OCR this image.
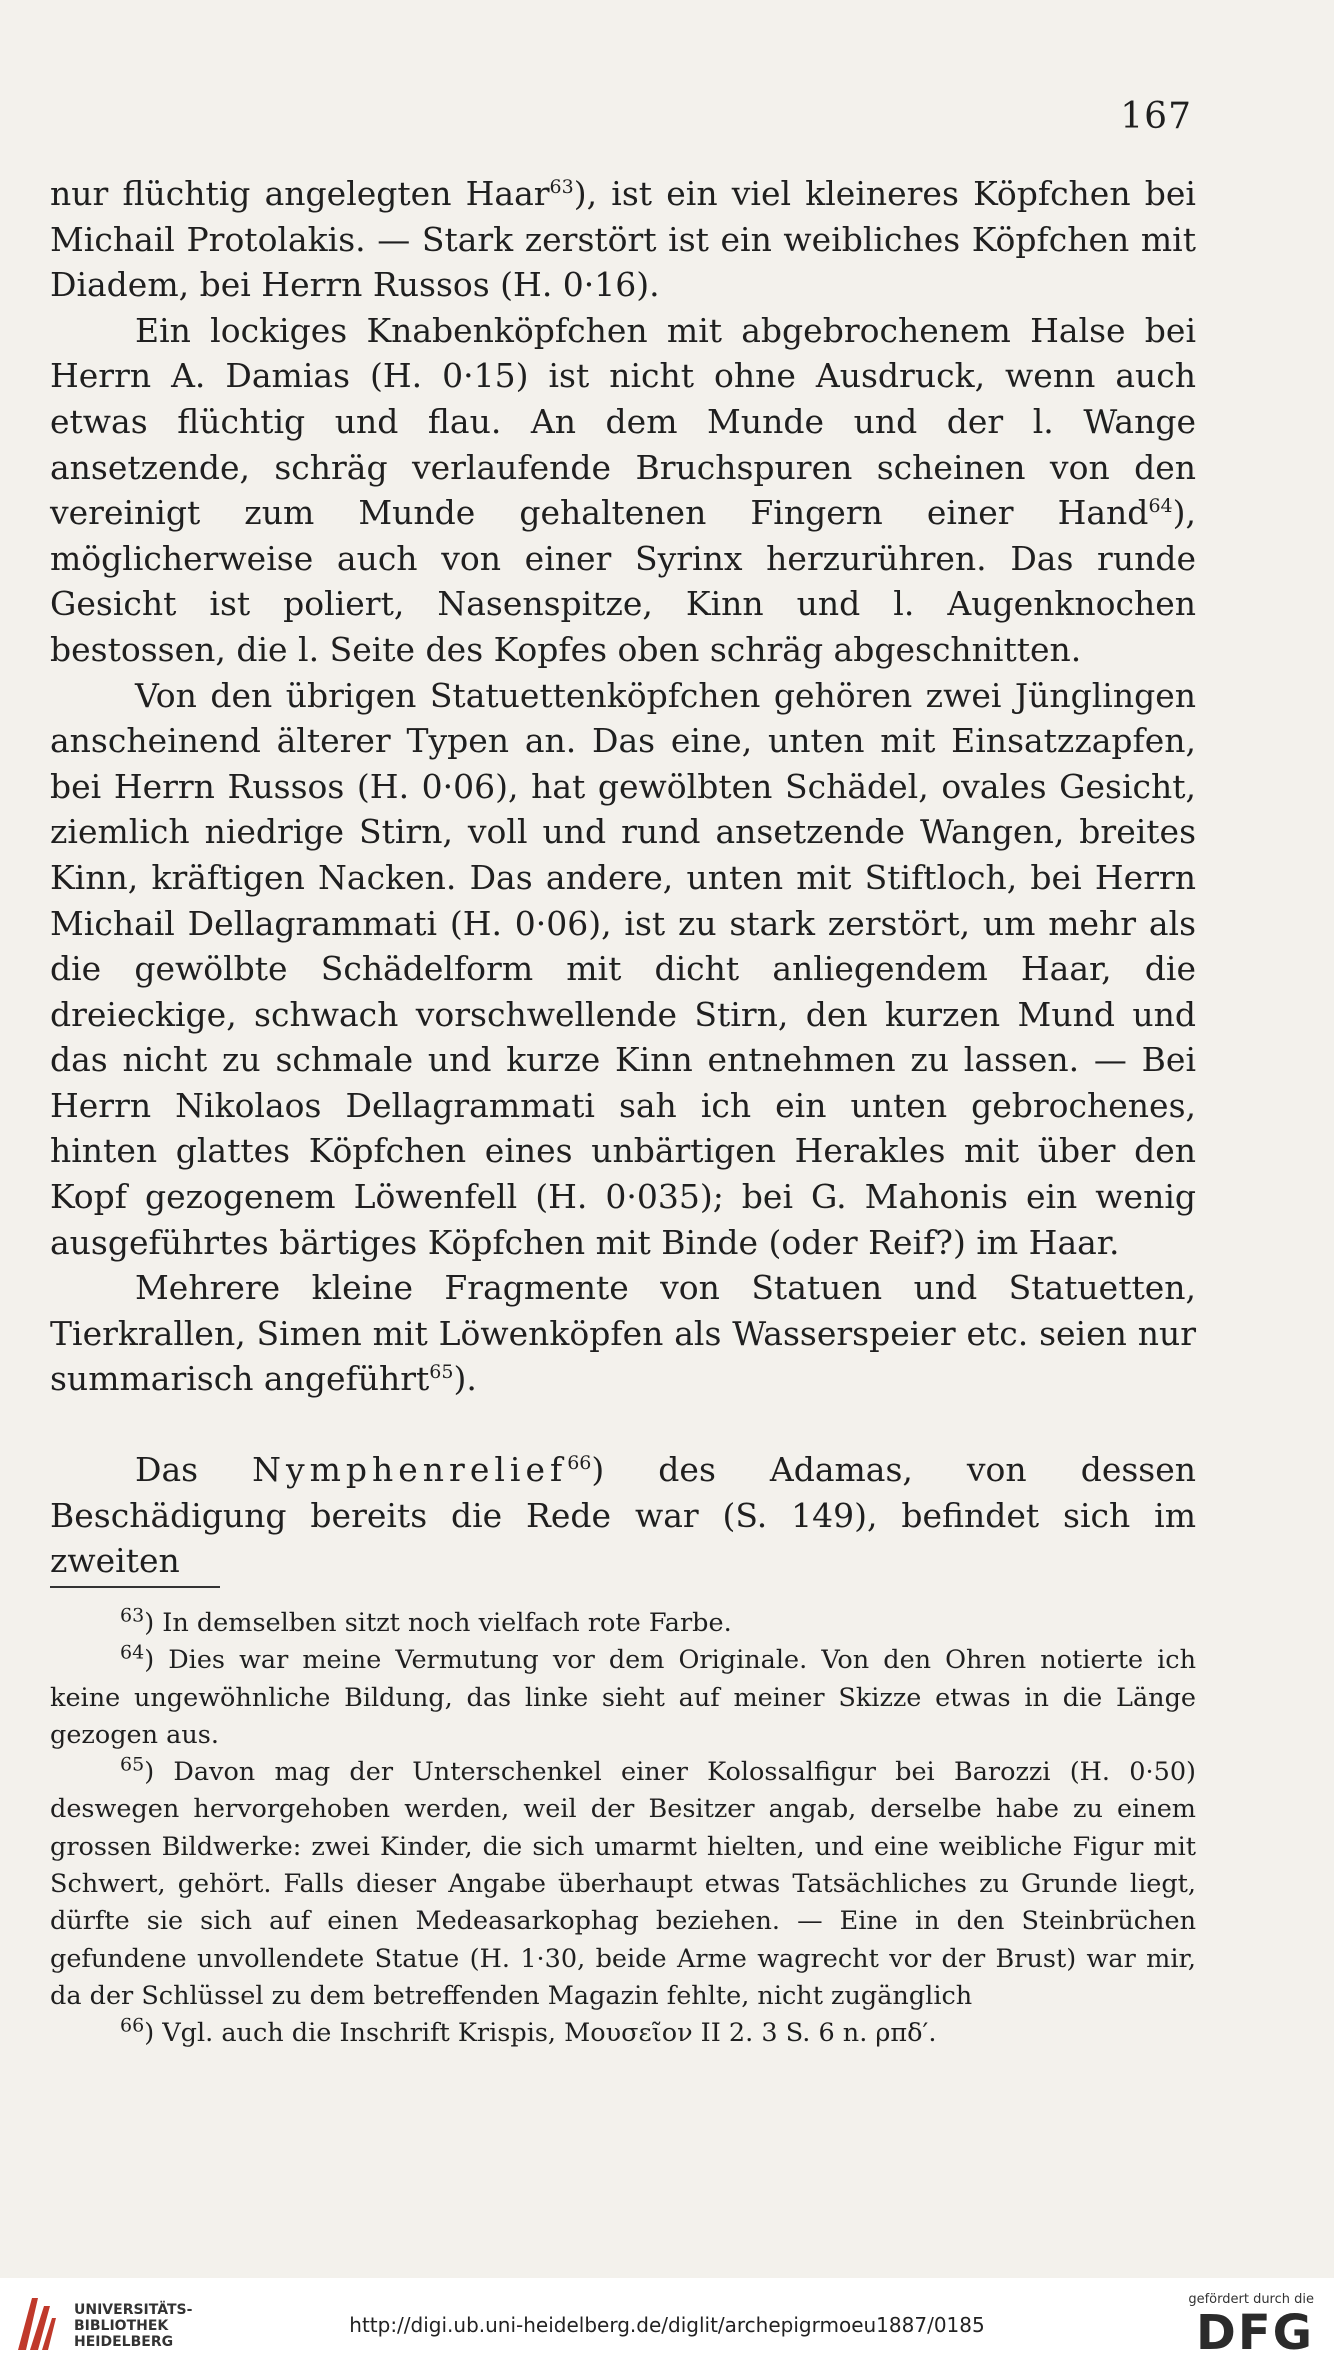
167

nur flüchtig angelegten Haar$^{63}$), ist ein viel kleineres Köpfchen bei Michail Protolakis. — Stark zerstört ist ein weibliches Köpfchen mit Diadem, bei Herrn Russos (H. 0·16).

Ein lockiges Knabenköpfchen mit abgebrochenem Halse bei Herrn A. Damias (H. 0·15) ist nicht ohne Ausdruck, wenn auch etwas flüchtig und flau. An dem Munde und der l. Wange ansetzende, schräg verlaufende Bruchspuren scheinen von den vereinigt zum Munde gehaltenen Fingern einer Hand$^{64}$), möglicherweise auch von einer Syrinx herzurühren. Das runde Gesicht ist poliert, Nasenspitze, Kinn und l. Augenknochen bestossen, die l. Seite des Kopfes oben schräg abgeschnitten.

Von den übrigen Statuettenköpfchen gehören zwei Jünglingen anscheinend älterer Typen an. Das eine, unten mit Einsatzzapfen, bei Herrn Russos (H. 0·06), hat gewölbten Schädel, ovales Gesicht, ziemlich niedrige Stirn, voll und rund ansetzende Wangen, breites Kinn, kräftigen Nacken. Das andere, unten mit Stiftloch, bei Herrn Michail Dellagrammati (H. 0·06), ist zu stark zerstört, um mehr als die gewölbte Schädelform mit dicht anliegendem Haar, die dreieckige, schwach vorschwellende Stirn, den kurzen Mund und das nicht zu schmale und kurze Kinn entnehmen zu lassen. — Bei Herrn Nikolaos Dellagrammati sah ich ein unten gebrochenes, hinten glattes Köpfchen eines unbärtigen Herakles mit über den Kopf gezogenem Löwenfell (H. 0·035); bei G. Mahonis ein wenig ausgeführtes bärtiges Köpfchen mit Binde (oder Reif?) im Haar.

Mehrere kleine Fragmente von Statuen und Statuetten, Tierkrallen, Simen mit Löwenköpfen als Wasserspeier etc. seien nur summarisch angeführt$^{65}$).

Das Nymphenrelief$^{66}$) des Adamas, von dessen Beschädigung bereits die Rede war (S. 149), befindet sich im zweiten

$^{63}$) In demselben sitzt noch vielfach rote Farbe.

$^{64}$) Dies war meine Vermutung vor dem Originale. Von den Ohren notierte ich keine ungewöhnliche Bildung, das linke sieht auf meiner Skizze etwas in die Länge gezogen aus.

$^{65}$) Davon mag der Unterschenkel einer Kolossalfigur bei Barozzi (H. 0·50) deswegen hervorgehoben werden, weil der Besitzer angab, derselbe habe zu einem grossen Bildwerke: zwei Kinder, die sich umarmt hielten, und eine weibliche Figur mit Schwert, gehört. Falls dieser Angabe überhaupt etwas Tatsächliches zu Grunde liegt, dürfte sie sich auf einen Medeasarkophag beziehen. — Eine in den Steinbrüchen gefundene unvollendete Statue (H. 1·30, beide Arme wagrecht vor der Brust) war mir, da der Schlüssel zu dem betreffenden Magazin fehlte, nicht zugänglich

$^{66}$) Vgl. auch die Inschrift Krispis, Μουσεῖον II 2. 3 S. 6 n. ρπδ′.

UNIVERSITÄTS-
BIBLIOTHEK
HEIDELBERG
http://digi.ub.uni-heidelberg.de/diglit/archepigrmoeu1887/0185
gefördert durch die
DFG
